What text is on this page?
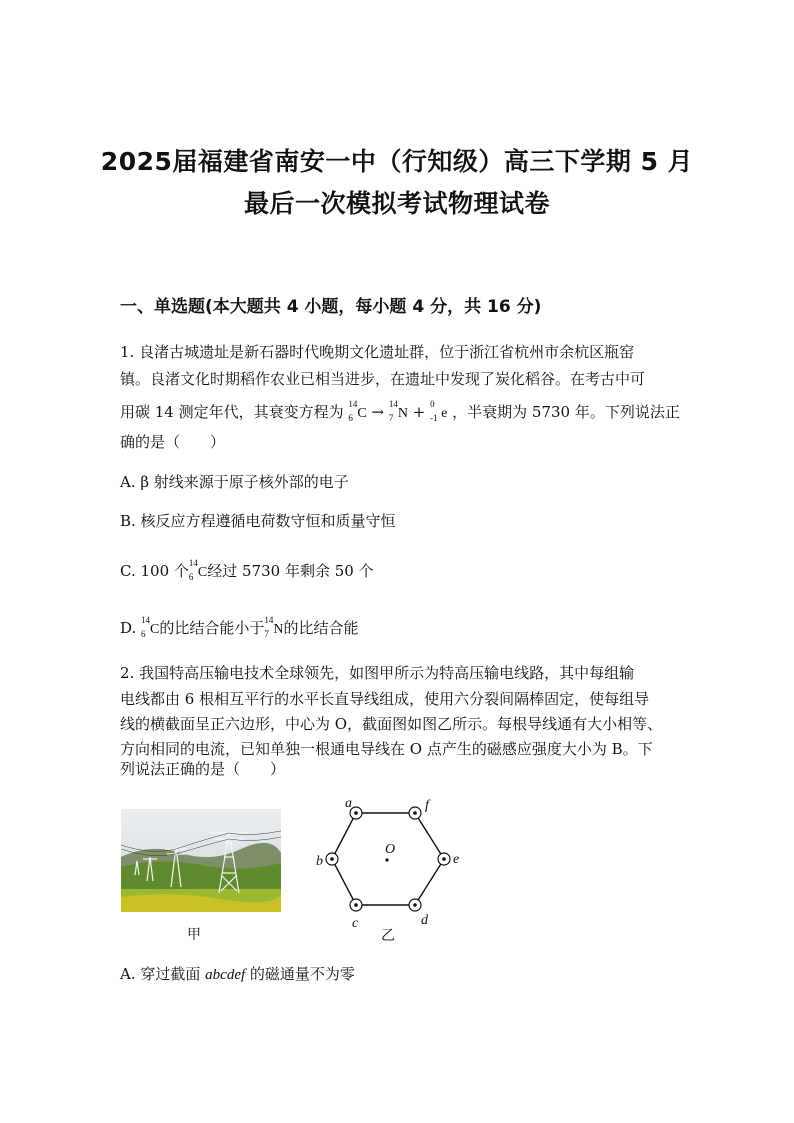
2025届福建省南安一中（行知级）高三下学期 5 月
最后一次模拟考试物理试卷
一、单选题(本大题共 4 小题，每小题 4 分，共 16 分)
1. 良渚古城遗址是新石器时代晚期文化遗址群，位于浙江省杭州市余杭区瓶窑
镇。良渚文化时期稻作农业已相当进步，在遗址中发现了炭化稻谷。在考古中可
用碳 14 测定年代，其衰变方程为 14
6 C → 14
7 N + 0
-1 e ，半衰期为 5730 年。下列说法正
确的是（　　）
A. β 射线来源于原子核外部的电子
B. 核反应方程遵循电荷数守恒和质量守恒
C. 100 个 14
6 C经过 5730 年剩余 50 个
D. 14
6 C的比结合能小于 14
7 N的比结合能
2. 我国特高压输电技术全球领先，如图甲所示为特高压输电线路，其中每组输
电线都由 6 根相互平行的水平长直导线组成，使用六分裂间隔棒固定，使每组导
线的横截面呈正六边形，中心为 O，截面图如图乙所示。每根导线通有大小相等、
方向相同的电流，已知单独一根通电导线在 O 点产生的磁感应强度大小为 B。下
列说法正确的是（　　）
甲
a	f
e
d
c
b
O
乙
A. 穿过截面 abcdef 的磁通量不为零
